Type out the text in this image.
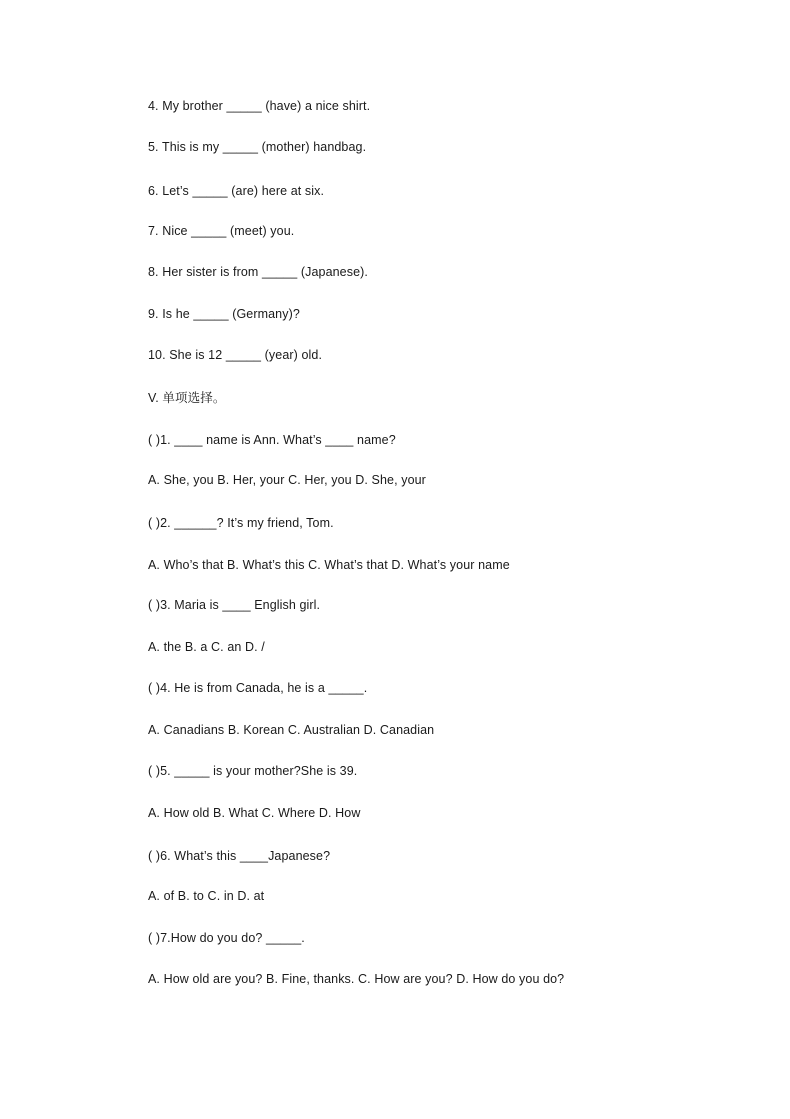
4. My brother _____ (have) a nice shirt.
5. This is my _____ (mother) handbag.
6. Let’s _____ (are) here at six.
7. Nice _____ (meet) you.
8. Her sister is from _____ (Japanese).
9. Is he _____ (Germany)?
10. She is 12 _____ (year) old.
V. 单项选择。
( )1. ____ name is Ann. What’s ____ name?
A. She, you B. Her, your C. Her, you D. She, your
( )2. ______? It’s my friend, Tom.
A. Who’s that B. What’s this C. What’s that D. What’s your name
( )3. Maria is ____ English girl.
A. the B. a C. an D. /
( )4. He is from Canada, he is a _____.
A. Canadians B. Korean C. Australian D. Canadian
( )5. _____ is your mother?She is 39.
A. How old B. What C. Where D. How
( )6. What’s this ____Japanese?
A. of B. to C. in D. at
( )7.How do you do? _____.
A. How old are you? B. Fine, thanks. C. How are you? D. How do you do?
